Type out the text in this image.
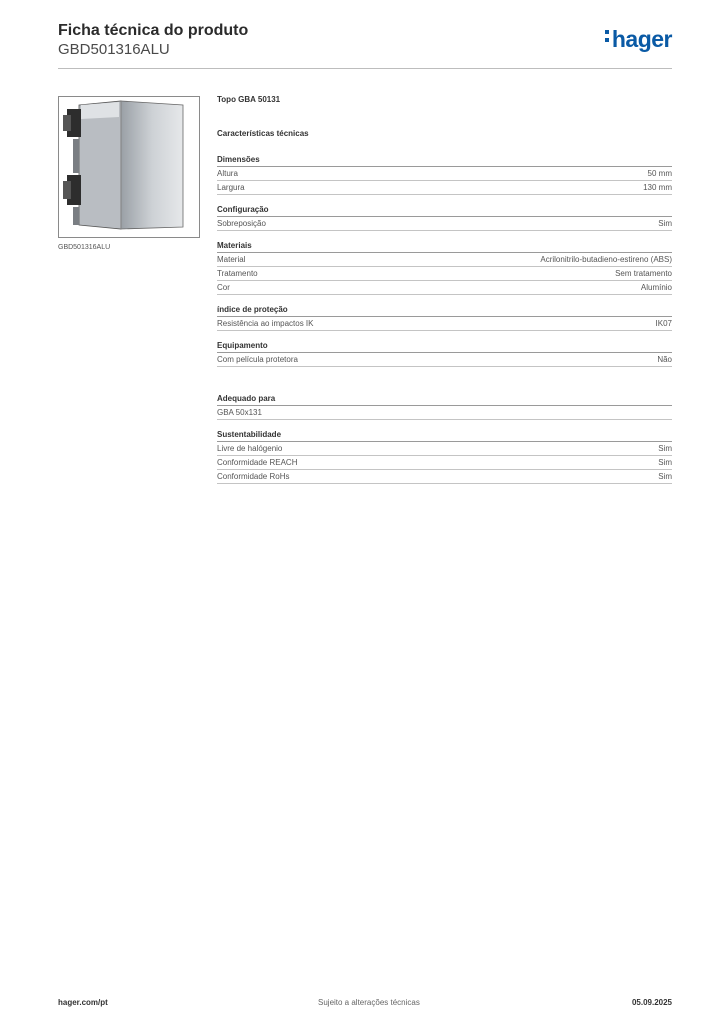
Ficha técnica do produto
GBD501316ALU	hager
GBD501316ALU
Topo GBA 50131
Características técnicas
Dimensões
Altura	50 mm
Largura	130 mm
Configuração
Sobreposição	Sim
Materiais
Material	Acrilonitrilo-butadieno-estireno (ABS)
Tratamento	Sem tratamento
Cor	Alumínio
índice de proteção
Resistência ao impactos IK	IK07
Equipamento
Com película protetora	Não
Adequado para
GBA 50x131
Sustentabilidade
Livre de halógenio	Sim
Conformidade REACH	Sim
Conformidade RoHs	Sim
hager.com/pt	Sujeito a alterações técnicas	05.09.2025
